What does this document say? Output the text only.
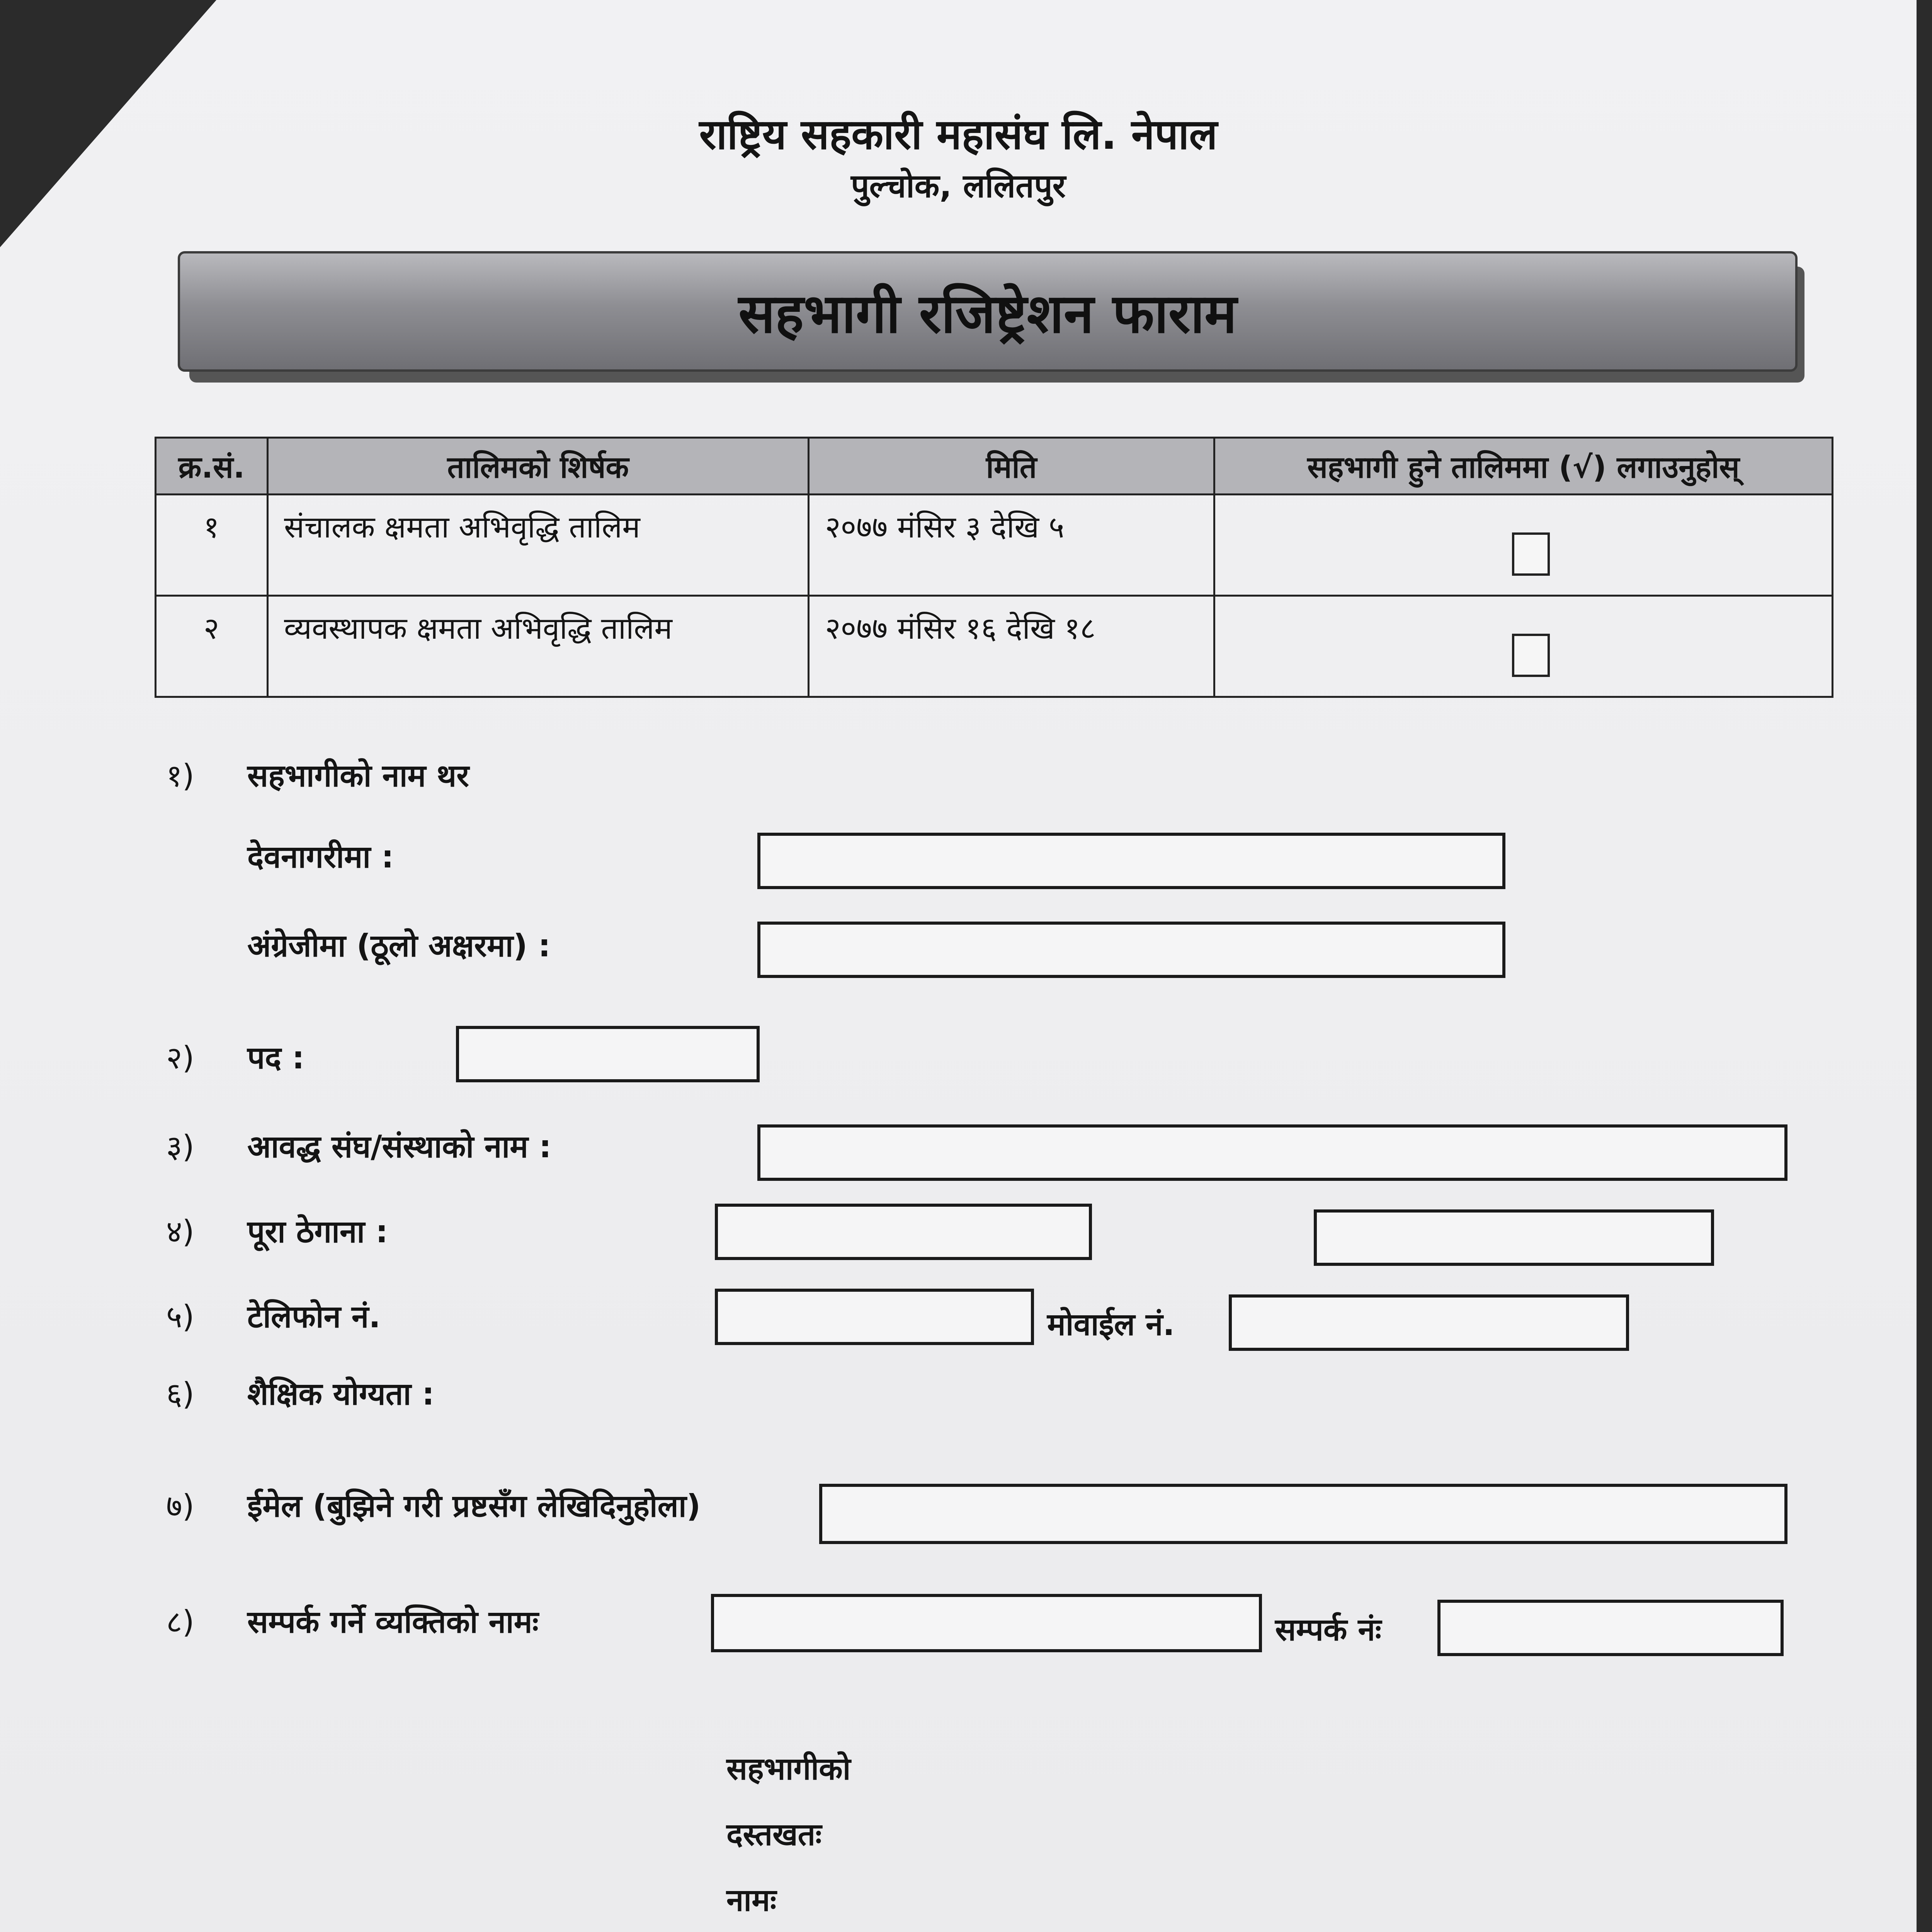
राष्ट्रिय सहकारी महासंघ लि. नेपाल
पुल्चोक, ललितपुर
सहभागी रजिष्ट्रेशन फाराम
क्र.सं.	तालिमको शिर्षक	मिति	सहभागी हुने तालिममा (√) लगाउनुहोस्
१	संचालक क्षमता अभिवृद्धि तालिम	२०७७ मंसिर ३ देखि ५	

२	व्यवस्थापक क्षमता अभिवृद्धि तालिम	२०७७ मंसिर १६ देखि १८	
१) सहभागीको नाम थर
देवनागरीमा :
अंग्रेजीमा (ठूलो अक्षरमा) :
२) पद :
३) आवद्ध संघ/संस्थाको नाम :
४) पूरा ठेगाना :
५) टेलिफोन नं.	मोवाईल नं.
६) शैक्षिक योग्यता :
७) ईमेल (बुझिने गरी प्रष्टसँग लेखिदिनुहोला)
८) सम्पर्क गर्ने व्यक्तिको नामः	सम्पर्क नंः
सहभागीको
दस्तखतः
नामः
